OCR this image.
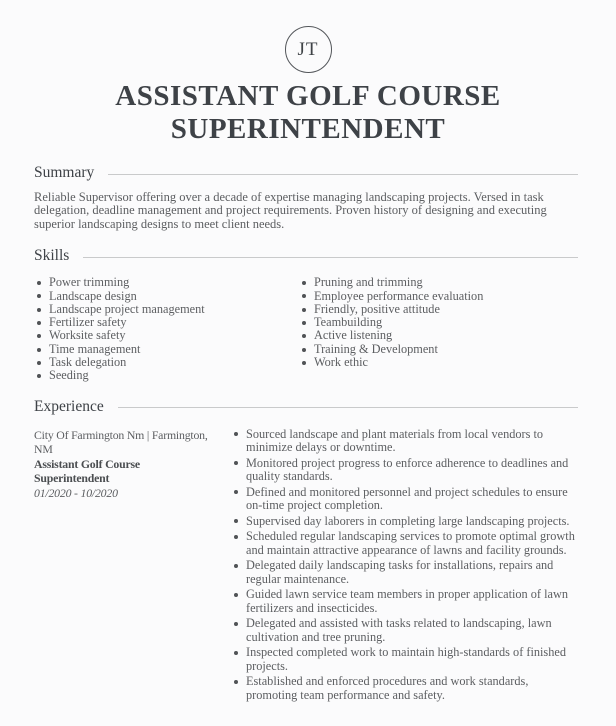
JT
ASSISTANT GOLF COURSE SUPERINTENDENT
Summary

Reliable Supervisor offering over a decade of expertise managing landscaping projects. Versed in task delegation, deadline management and project requirements. Proven history of designing and executing superior landscaping designs to meet client needs.

Skills
Power trimming
Landscape design
Landscape project management
Fertilizer safety
Worksite safety
Time management
Task delegation
Seeding
Pruning and trimming
Employee performance evaluation
Friendly, positive attitude
Teambuilding
Active listening
Training & Development
Work ethic
Experience
City Of Farmington Nm | Farmington, NM
Assistant Golf Course Superintendent
01/2020 - 10/2020
Sourced landscape and plant materials from local vendors to minimize delays or downtime.
Monitored project progress to enforce adherence to deadlines and quality standards.
Defined and monitored personnel and project schedules to ensure on-time project completion.
Supervised day laborers in completing large landscaping projects.
Scheduled regular landscaping services to promote optimal growth and maintain attractive appearance of lawns and facility grounds.
Delegated daily landscaping tasks for installations, repairs and regular maintenance.
Guided lawn service team members in proper application of lawn fertilizers and insecticides.
Delegated and assisted with tasks related to landscaping, lawn cultivation and tree pruning.
Inspected completed work to maintain high-standards of finished projects.
Established and enforced procedures and work standards, promoting team performance and safety.
